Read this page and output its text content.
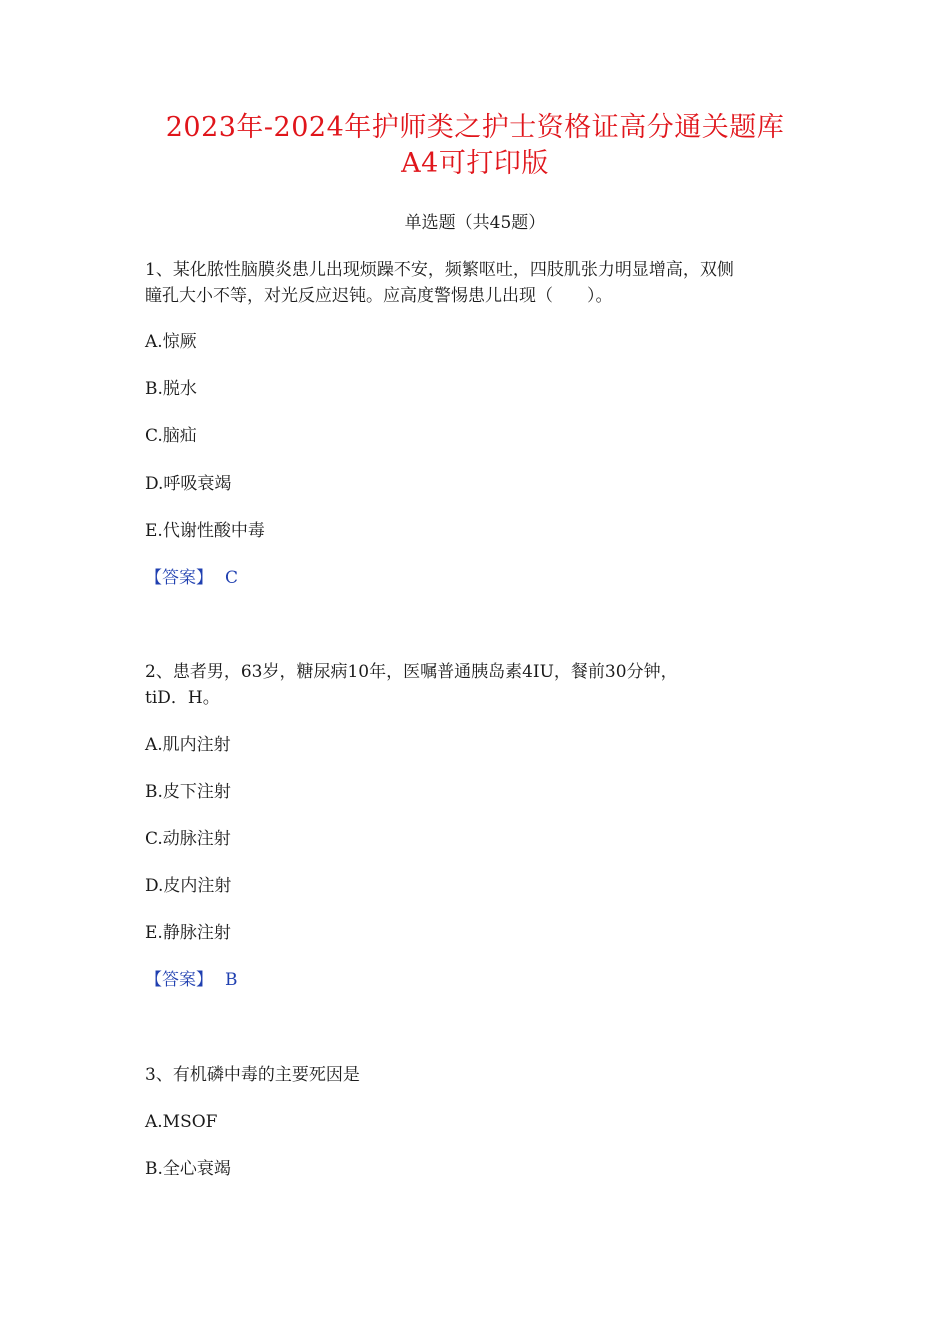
2023年-2024年护师类之护士资格证高分通关题库
A4可打印版
单选题（共45题）
1、某化脓性脑膜炎患儿出现烦躁不安，频繁呕吐，四肢肌张力明显增高，双侧
瞳孔大小不等，对光反应迟钝。应高度警惕患儿出现（　　）。
A.惊厥
B.脱水
C.脑疝
D.呼吸衰竭
E.代谢性酸中毒
【答案】 C
2、患者男，63岁，糖尿病10年，医嘱普通胰岛素4IU，餐前30分钟，
tiD．H。
A.肌内注射
B.皮下注射
C.动脉注射
D.皮内注射
E.静脉注射
【答案】 B
3、有机磷中毒的主要死因是
A.MSOF
B.全心衰竭
